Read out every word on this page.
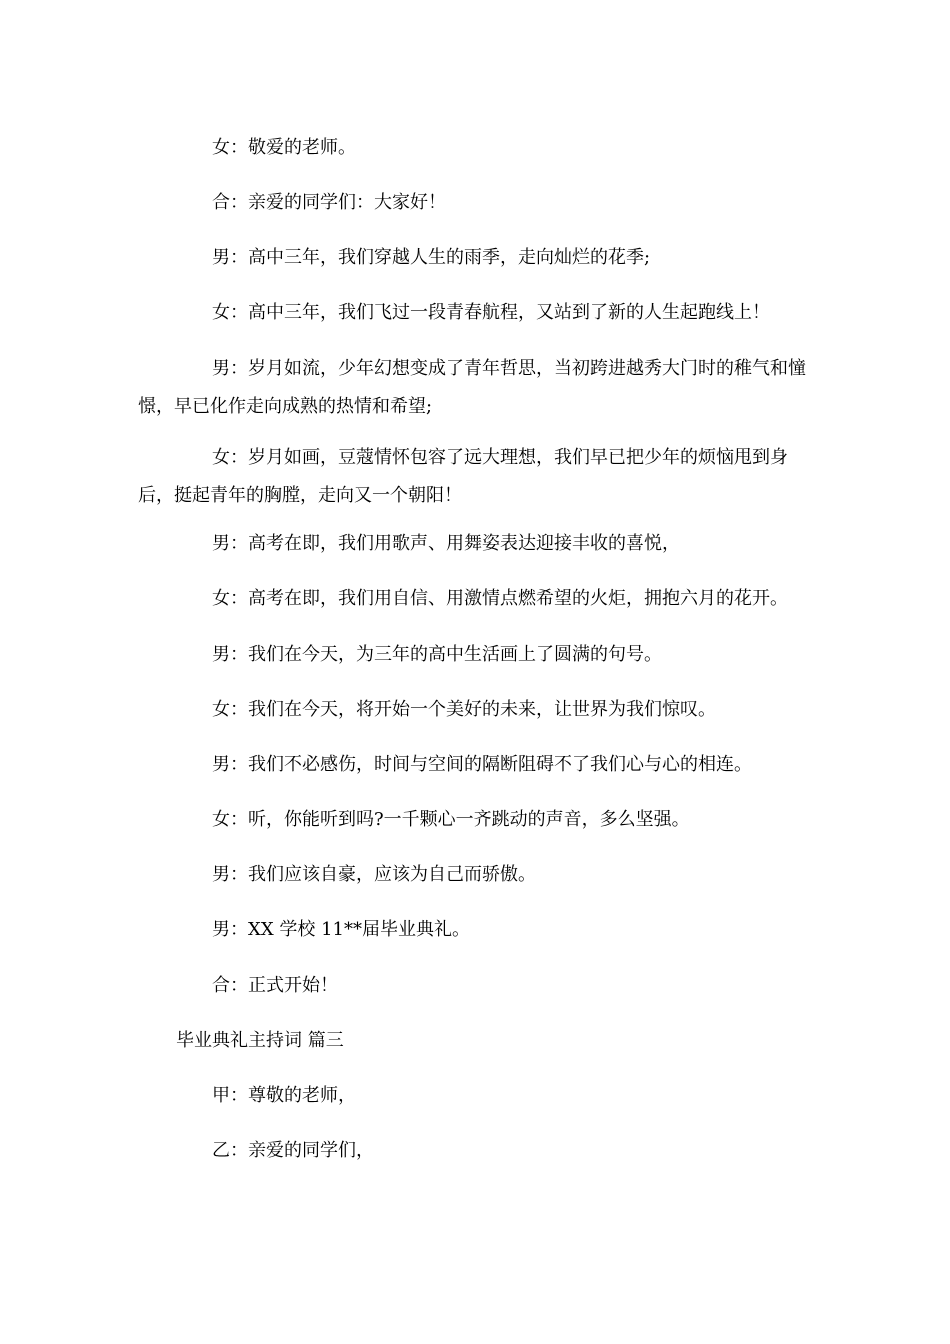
女：敬爱的老师。

合：亲爱的同学们：大家好！

男：高中三年，我们穿越人生的雨季，走向灿烂的花季;

女：高中三年，我们飞过一段青春航程，又站到了新的人生起跑线上！

男：岁月如流，少年幻想变成了青年哲思，当初跨进越秀大门时的稚气和憧憬，早已化作走向成熟的热情和希望;

女：岁月如画，豆蔻情怀包容了远大理想，我们早已把少年的烦恼甩到身后，挺起青年的胸膛，走向又一个朝阳！

男：高考在即，我们用歌声、用舞姿表达迎接丰收的喜悦，

女：高考在即，我们用自信、用激情点燃希望的火炬，拥抱六月的花开。

男：我们在今天，为三年的高中生活画上了圆满的句号。

女：我们在今天，将开始一个美好的未来，让世界为我们惊叹。

男：我们不必感伤，时间与空间的隔断阻碍不了我们心与心的相连。

女：听，你能听到吗?一千颗心一齐跳动的声音，多么坚强。

男：我们应该自豪，应该为自己而骄傲。

男：XX 学校 11**届毕业典礼。

合：正式开始！

毕业典礼主持词 篇三

甲：尊敬的老师，

乙：亲爱的同学们，
